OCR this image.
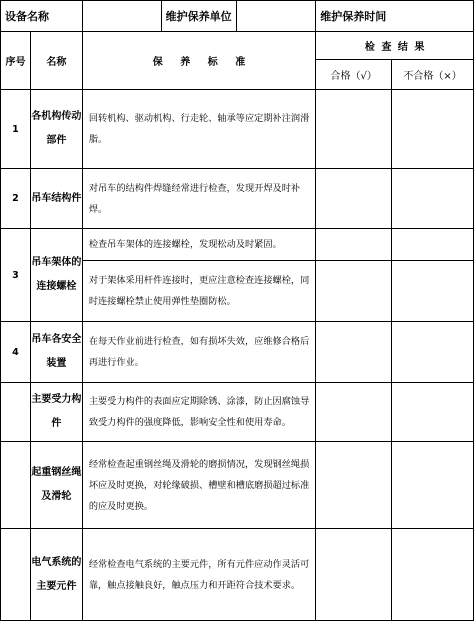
设备名称			维护保养单位		维护保养时间	
序号	名称	保 养 标 准			检 查 结 果	
					合格（√）	不合格（×）
1	各机构传动部件	回转机构、驱动机构、行走轮、轴承等应定期补注润滑脂。				
2	吊车结构件	对吊车的结构件焊缝经常进行检查，发现开焊及时补焊。				
3	吊车架体的连接螺栓	检查吊车架体的连接螺栓，发现松动及时紧固。				
		对于架体采用杆件连接时，更应注意检查连接螺栓，同时连接螺栓禁止使用弹性垫圈防松。				
4	吊车各安全装置	在每天作业前进行检查，如有损坏失效，应维修合格后再进行作业。				
	主要受力构件	主要受力构件的表面应定期除锈、涂漆，防止因腐蚀导致受力构件的强度降低，影响安全性和使用寿命。				
	起重钢丝绳及滑轮	经常检查起重钢丝绳及滑轮的磨损情况，发现钢丝绳损坏应及时更换，对轮缘破损、槽壁和槽底磨损超过标准的应及时更换。				
	电气系统的主要元件	经常检查电气系统的主要元件，所有元件应动作灵活可靠，触点接触良好，触点压力和开距符合技术要求。				
